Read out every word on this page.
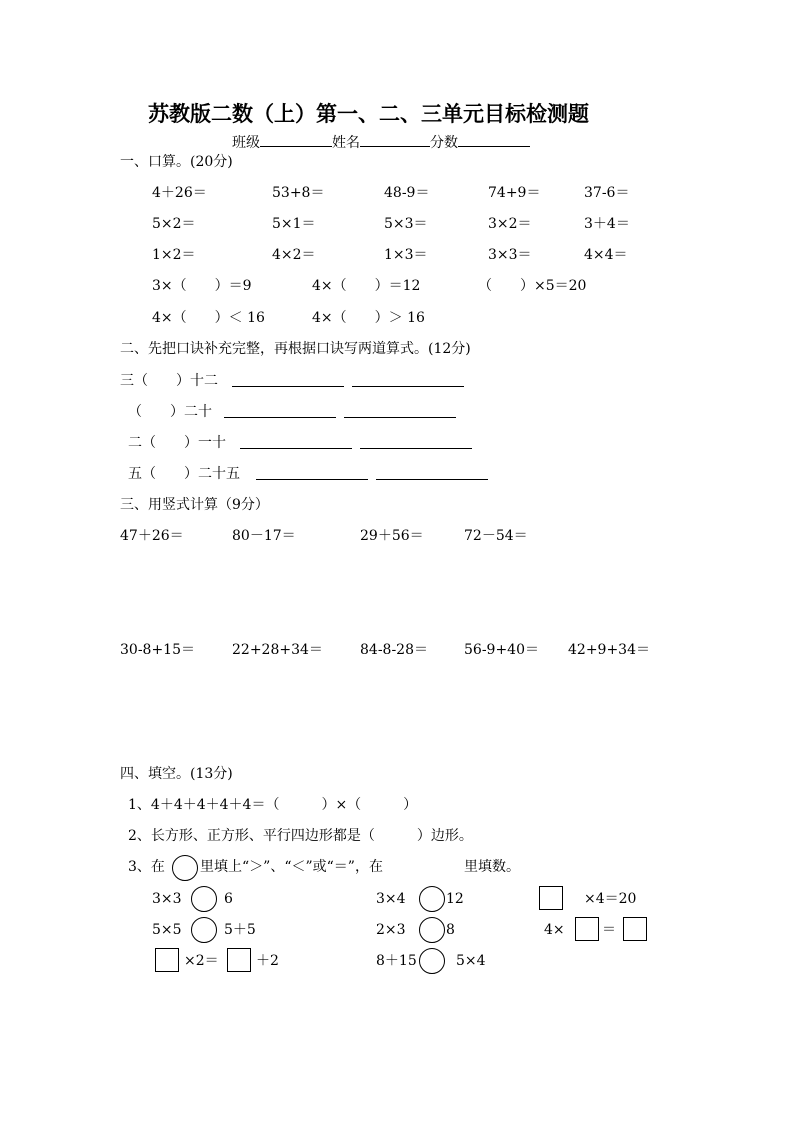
苏教版二数（上）第一、二、三单元目标检测题
班级	姓名	分数
一、口算。(20分)
4＋26＝	53+8＝	48-9＝	74+9＝	37-6＝
5×2＝	5×1＝	5×3＝	3×2＝	3＋4＝
1×2＝	4×2＝	1×3＝	3×3＝	4×4＝
3×（　　）＝9	4×（　　）＝12	（　　）×5＝20
4×（　　）＜ 16	4×（　　）＞ 16
二、先把口诀补充完整，再根据口诀写两道算式。(12分)
三（　　）十二
（　　）二十
二（　　）一十
五（　　）二十五
三、用竖式计算（9分）
47＋26＝	80－17＝	29＋56＝	72－54＝
30-8+15＝	22+28+34＝	84-8-28＝	56-9+40＝ 42+9+34＝
四、填空。(13分)
1、4＋4＋4＋4＋4＝（　　　）×（　　　）
2、长方形、正方形、平行四边形都是（　　　）边形。
3、在	里填上“＞”、“＜”或“＝”，在	里填数。
3×3	6	3×4	12	×4＝20
5×5	5＋5	2×3	8	4×	＝
×2＝	＋2	8＋15	5×4
